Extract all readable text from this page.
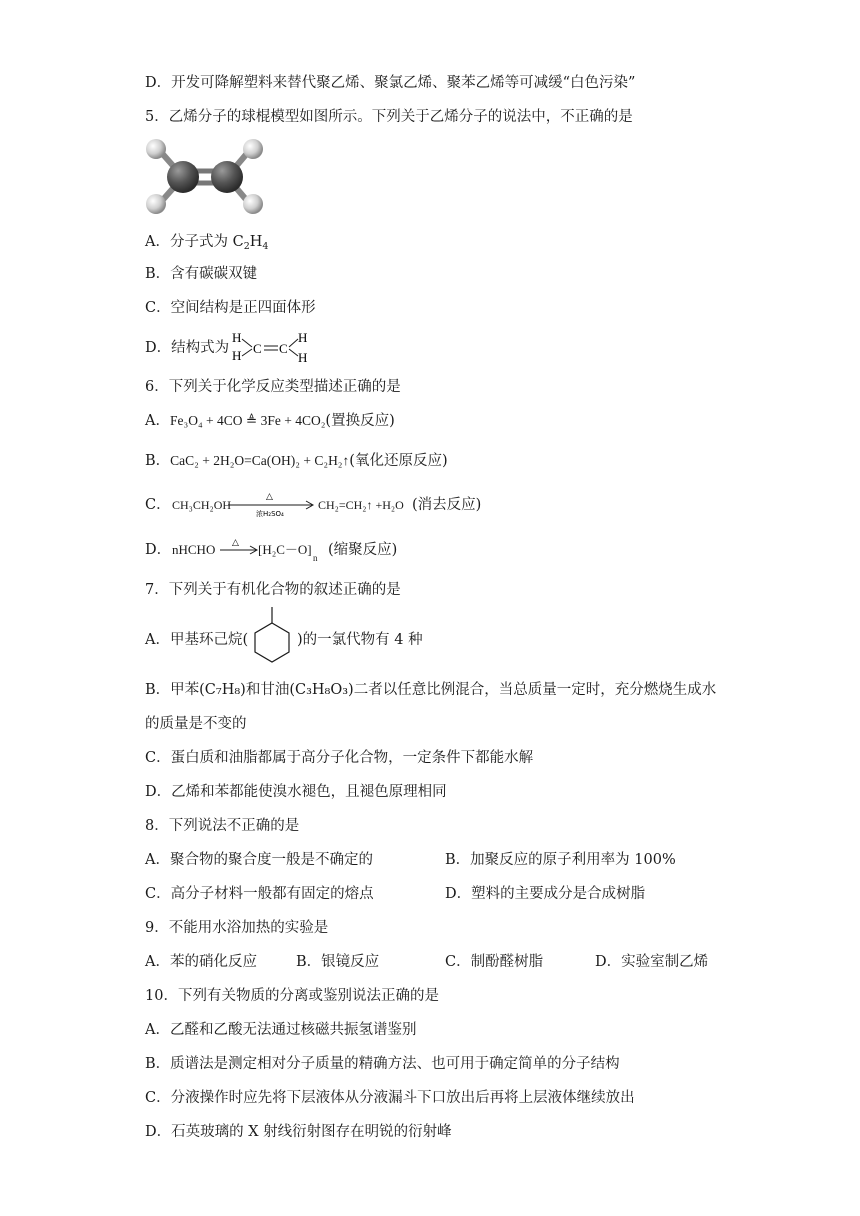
D．开发可降解塑料来替代聚乙烯、聚氯乙烯、聚苯乙烯等可减缓“白色污染”
5．乙烯分子的球棍模型如图所示。下列关于乙烯分子的说法中，不正确的是
A．分子式为 $C_2H_4$
B．含有碳碳双键
C．空间结构是正四面体形
D．结构式为
H
H C C
H
H
6．下列关于化学反应类型描述正确的是
A．Fe₃O₄ + 4CO ≜ 3Fe + 4CO₂(置换反应)
B．CaC₂ + 2H₂O=Ca(OH)₂ + C₂H₂↑(氧化还原反应)
C． CH₃CH₂OH
△
浓H₂SO₄
CH₂=CH₂↑ +H₂O (消去反应)
D． nHCHO △ [H₂C－O]
n (缩聚反应)
7．下列关于有机化合物的叙述正确的是
A．甲基环己烷(	)的一氯代物有 4 种
B．甲苯(C₇H₈)和甘油(C₃H₈O₃)二者以任意比例混合，当总质量一定时，充分燃烧生成水
的质量是不变的
C．蛋白质和油脂都属于高分子化合物，一定条件下都能水解
D．乙烯和苯都能使溴水褪色，且褪色原理相同
8．下列说法不正确的是
A．聚合物的聚合度一般是不确定的	B．加聚反应的原子利用率为 100%
C．高分子材料一般都有固定的熔点	D．塑料的主要成分是合成树脂
9．不能用水浴加热的实验是
A．苯的硝化反应	B．银镜反应	C．制酚醛树脂	D．实验室制乙烯
10．下列有关物质的分离或鉴别说法正确的是
A．乙醛和乙酸无法通过核磁共振氢谱鉴别
B．质谱法是测定相对分子质量的精确方法、也可用于确定简单的分子结构
C．分液操作时应先将下层液体从分液漏斗下口放出后再将上层液体继续放出
D．石英玻璃的 X 射线衍射图存在明锐的衍射峰
